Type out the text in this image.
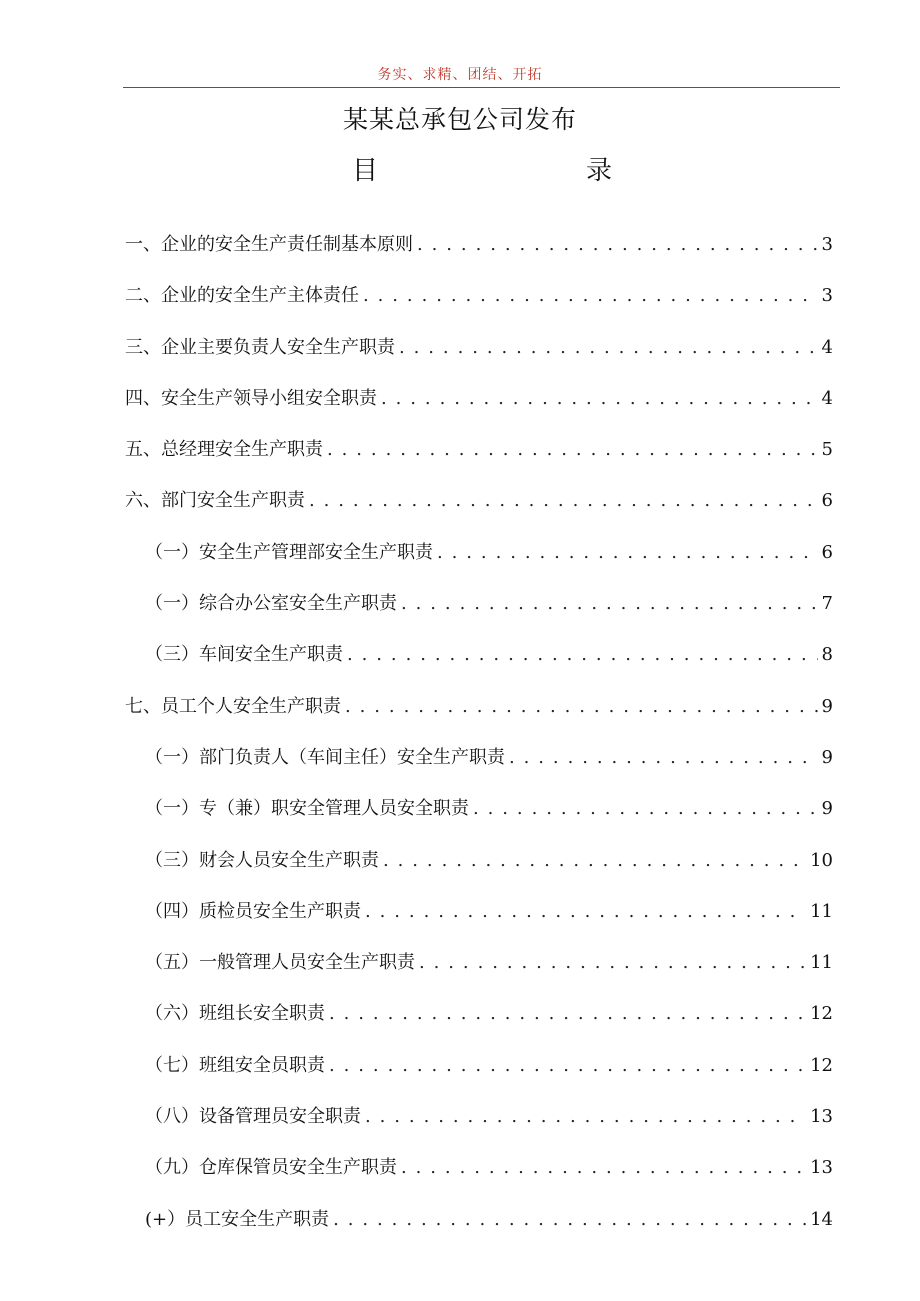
务实、求精、团结、开拓
某某总承包公司发布
目	录
一、企业的安全生产责任制基本原则 . . .	3
二、企业的安全生产主体责任 . . .	3
三、企业主要负责人安全生产职责 . . .	4
四、安全生产领导小组安全职责 . . .	4
五、总经理安全生产职责 . . .	5
六、部门安全生产职责 . . .	6
（一）安全生产管理部安全生产职责 . . .	6
（一）综合办公室安全生产职责 . . .	7
（三）车间安全生产职责 . . .	8
七、员工个人安全生产职责 . . .	9
（一）部门负责人（车间主任）安全生产职责 . . .	9
（一）专（兼）职安全管理人员安全职责 . . .	9
（三）财会人员安全生产职责 . . .	10
（四）质检员安全生产职责 . . .	11
（五）一般管理人员安全生产职责 . . .	11
（六）班组长安全职责 . . .	12
（七）班组安全员职责 . . .	12
（八）设备管理员安全职责 . . .	13
（九）仓库保管员安全生产职责 . . .	13
(+）员工安全生产职责 . . .	14
